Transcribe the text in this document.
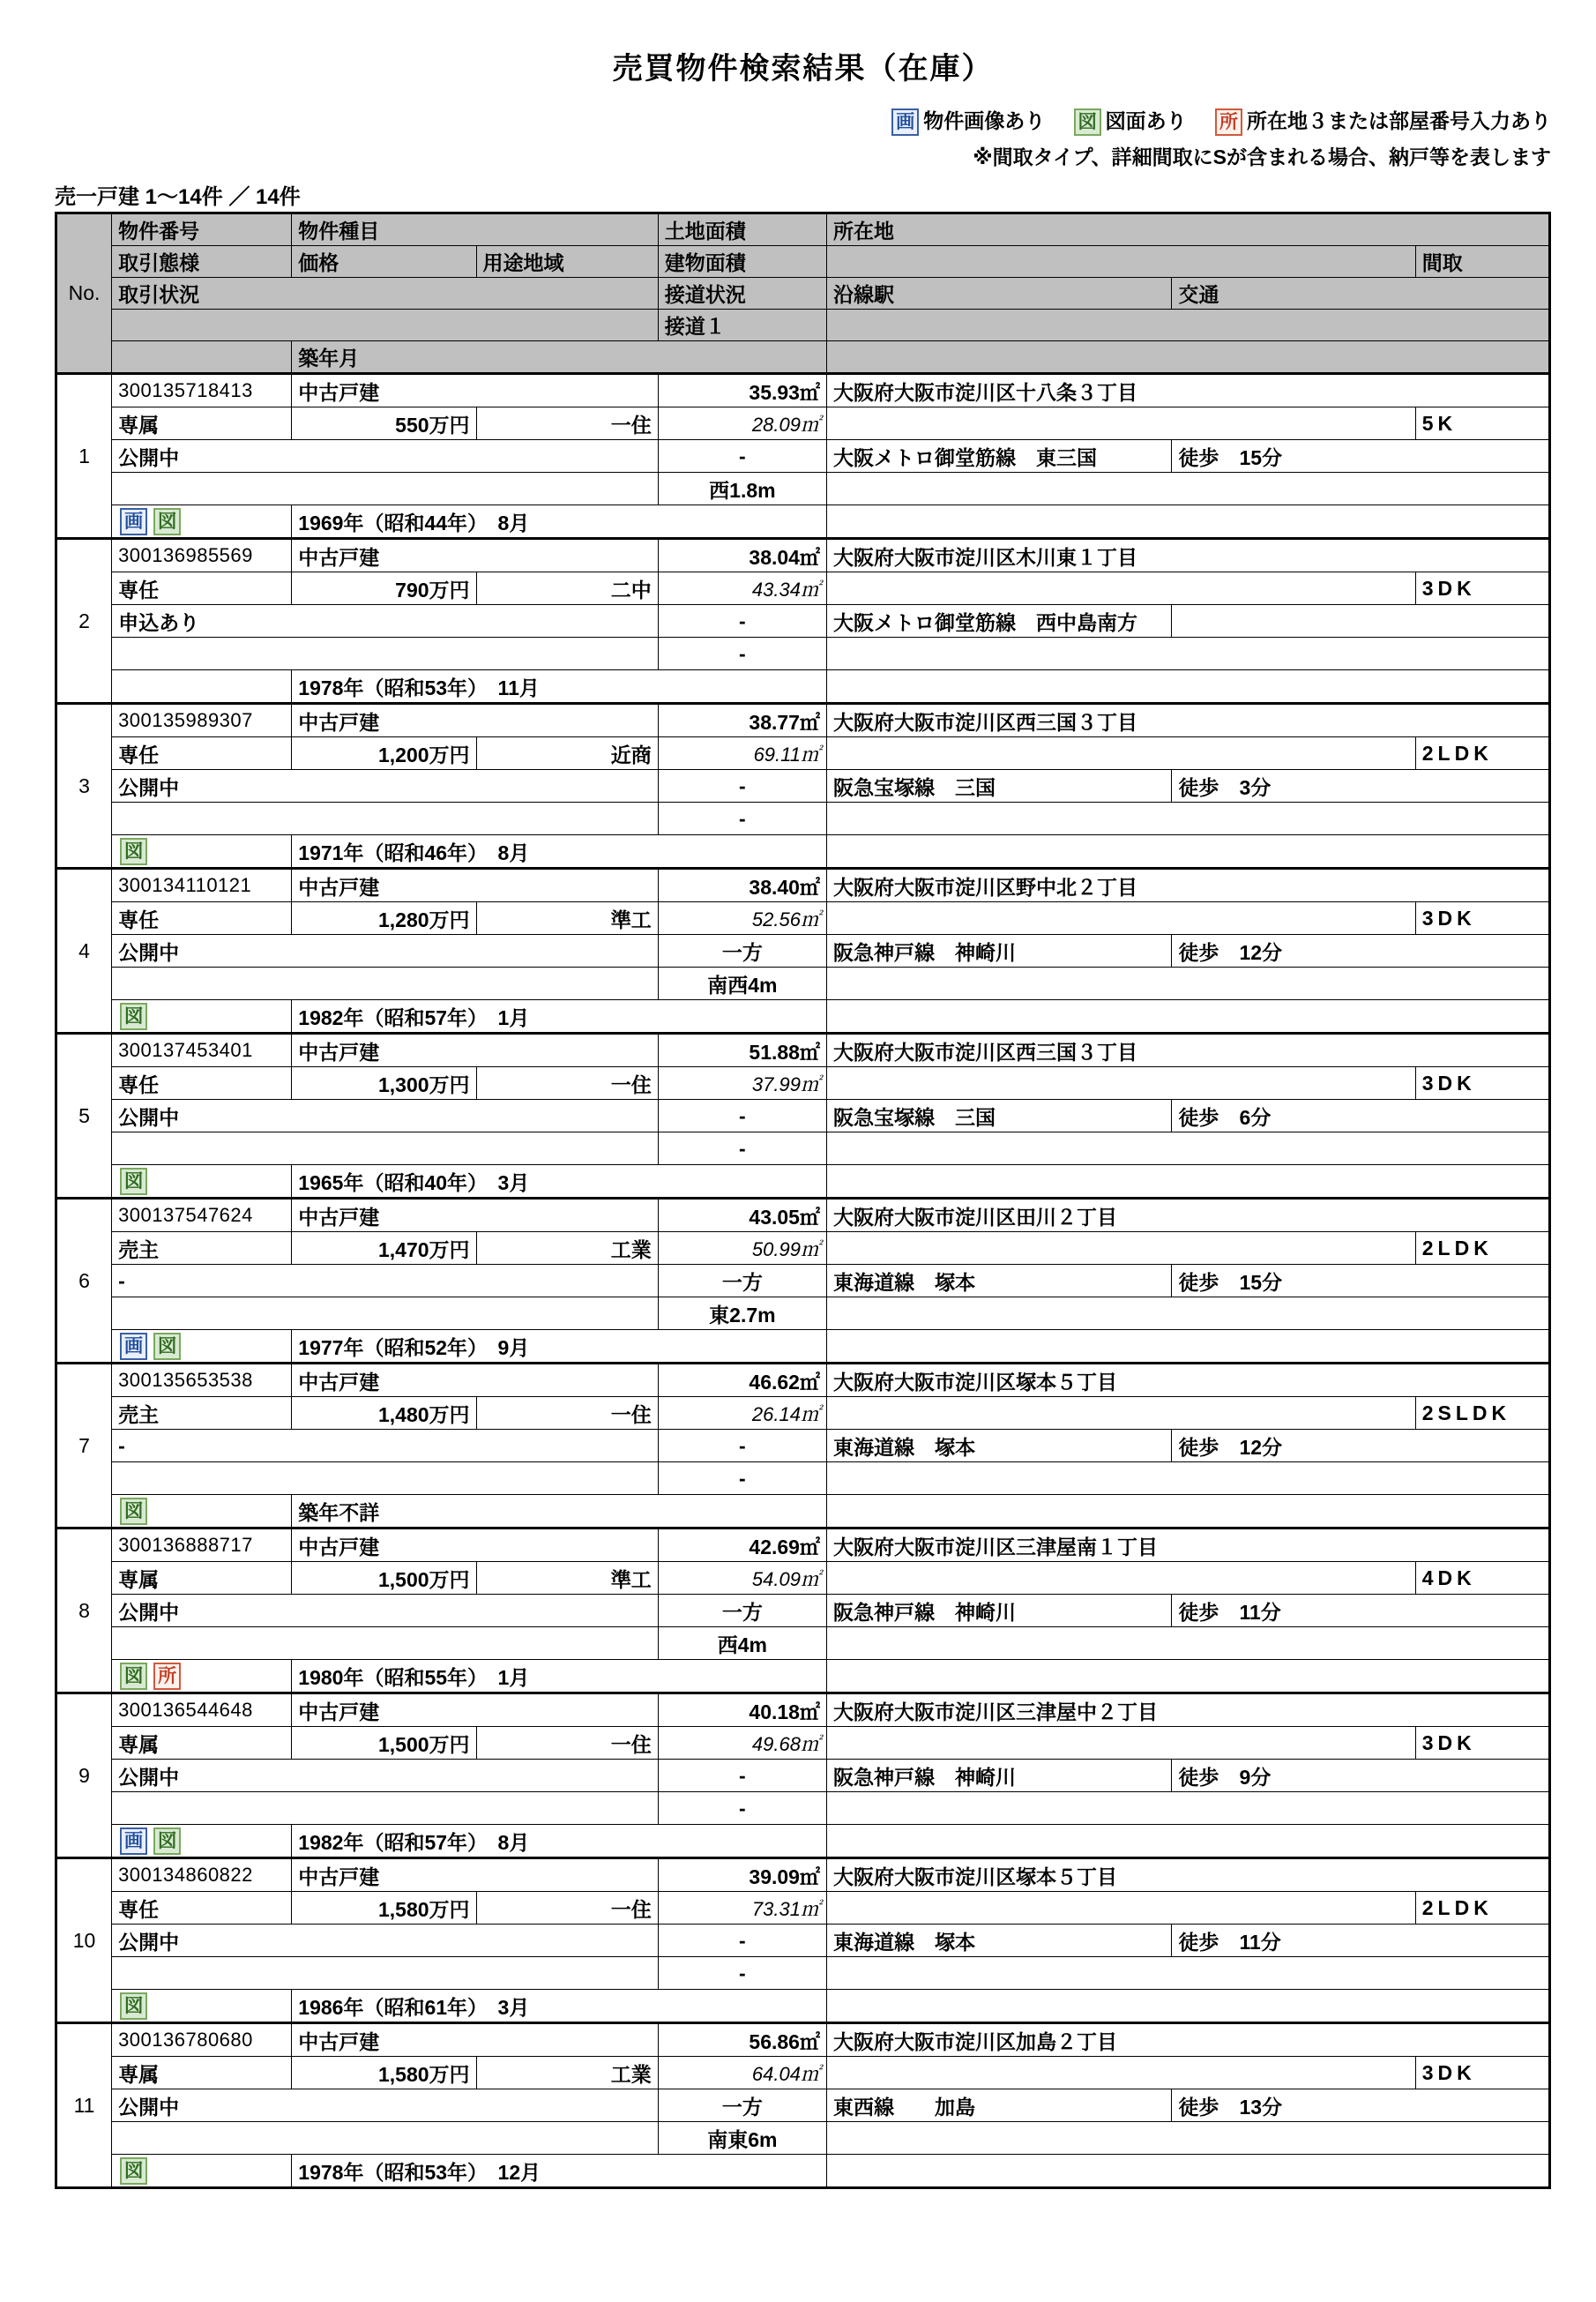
売買物件検索結果（在庫）
画 物件画像あり 図 図面あり 所 所在地３または部屋番号入力あり
※間取タイプ、詳細間取にSが含まれる場合、納戸等を表します
売一戸建 1～14件 ／ 14件
No.	物件番号	物件種目		土地面積	所在地		
	取引態様	価格	用途地域	建物面積			間取
	取引状況			接道状況	沿線駅	交通	
				接道１			
		築年月					
1	300135718413	中古戸建		35.93㎡	大阪府大阪市淀川区十八条３丁目		
	専属	550万円	一住	28.09㎡			5K
	公開中			-	大阪メトロ御堂筋線　東三国	徒歩　15分	
				西1.8m			
	画 図	1969年（昭和44年）　8月					
2	300136985569	中古戸建		38.04㎡	大阪府大阪市淀川区木川東１丁目		
	専任	790万円	二中	43.34㎡			3DK
	申込あり			-	大阪メトロ御堂筋線　西中島南方		
				-			
		1978年（昭和53年）　11月					
3	300135989307	中古戸建		38.77㎡	大阪府大阪市淀川区西三国３丁目		
	専任	1,200万円	近商	69.11㎡			2LDK
	公開中			-	阪急宝塚線　三国	徒歩　3分	
				-			
	図	1971年（昭和46年）　8月					
4	300134110121	中古戸建		38.40㎡	大阪府大阪市淀川区野中北２丁目		
	専任	1,280万円	準工	52.56㎡			3DK
	公開中			一方	阪急神戸線　神崎川	徒歩　12分	
				南西4m			
	図	1982年（昭和57年）　1月					
5	300137453401	中古戸建		51.88㎡	大阪府大阪市淀川区西三国３丁目		
	専任	1,300万円	一住	37.99㎡			3DK
	公開中			-	阪急宝塚線　三国	徒歩　6分	
				-			
	図	1965年（昭和40年）　3月					
6	300137547624	中古戸建		43.05㎡	大阪府大阪市淀川区田川２丁目		
	売主	1,470万円	工業	50.99㎡			2LDK
	-			一方	東海道線　塚本	徒歩　15分	
				東2.7m			
	画 図	1977年（昭和52年）　9月					
7	300135653538	中古戸建		46.62㎡	大阪府大阪市淀川区塚本５丁目		
	売主	1,480万円	一住	26.14㎡			2SLDK
	-			-	東海道線　塚本	徒歩　12分	
				-			
	図	築年不詳					
8	300136888717	中古戸建		42.69㎡	大阪府大阪市淀川区三津屋南１丁目		
	専属	1,500万円	準工	54.09㎡			4DK
	公開中			一方	阪急神戸線　神崎川	徒歩　11分	
				西4m			
	図 所	1980年（昭和55年）　1月					
9	300136544648	中古戸建		40.18㎡	大阪府大阪市淀川区三津屋中２丁目		
	専属	1,500万円	一住	49.68㎡			3DK
	公開中			-	阪急神戸線　神崎川	徒歩　9分	
				-			
	画 図	1982年（昭和57年）　8月					
10	300134860822	中古戸建		39.09㎡	大阪府大阪市淀川区塚本５丁目		
	専任	1,580万円	一住	73.31㎡			2LDK
	公開中			-	東海道線　塚本	徒歩　11分	
				-			
	図	1986年（昭和61年）　3月					
11	300136780680	中古戸建		56.86㎡	大阪府大阪市淀川区加島２丁目		
	専属	1,580万円	工業	64.04㎡			3DK
	公開中			一方	東西線　　加島	徒歩　13分	
				南東6m			
	図	1978年（昭和53年）　12月					
